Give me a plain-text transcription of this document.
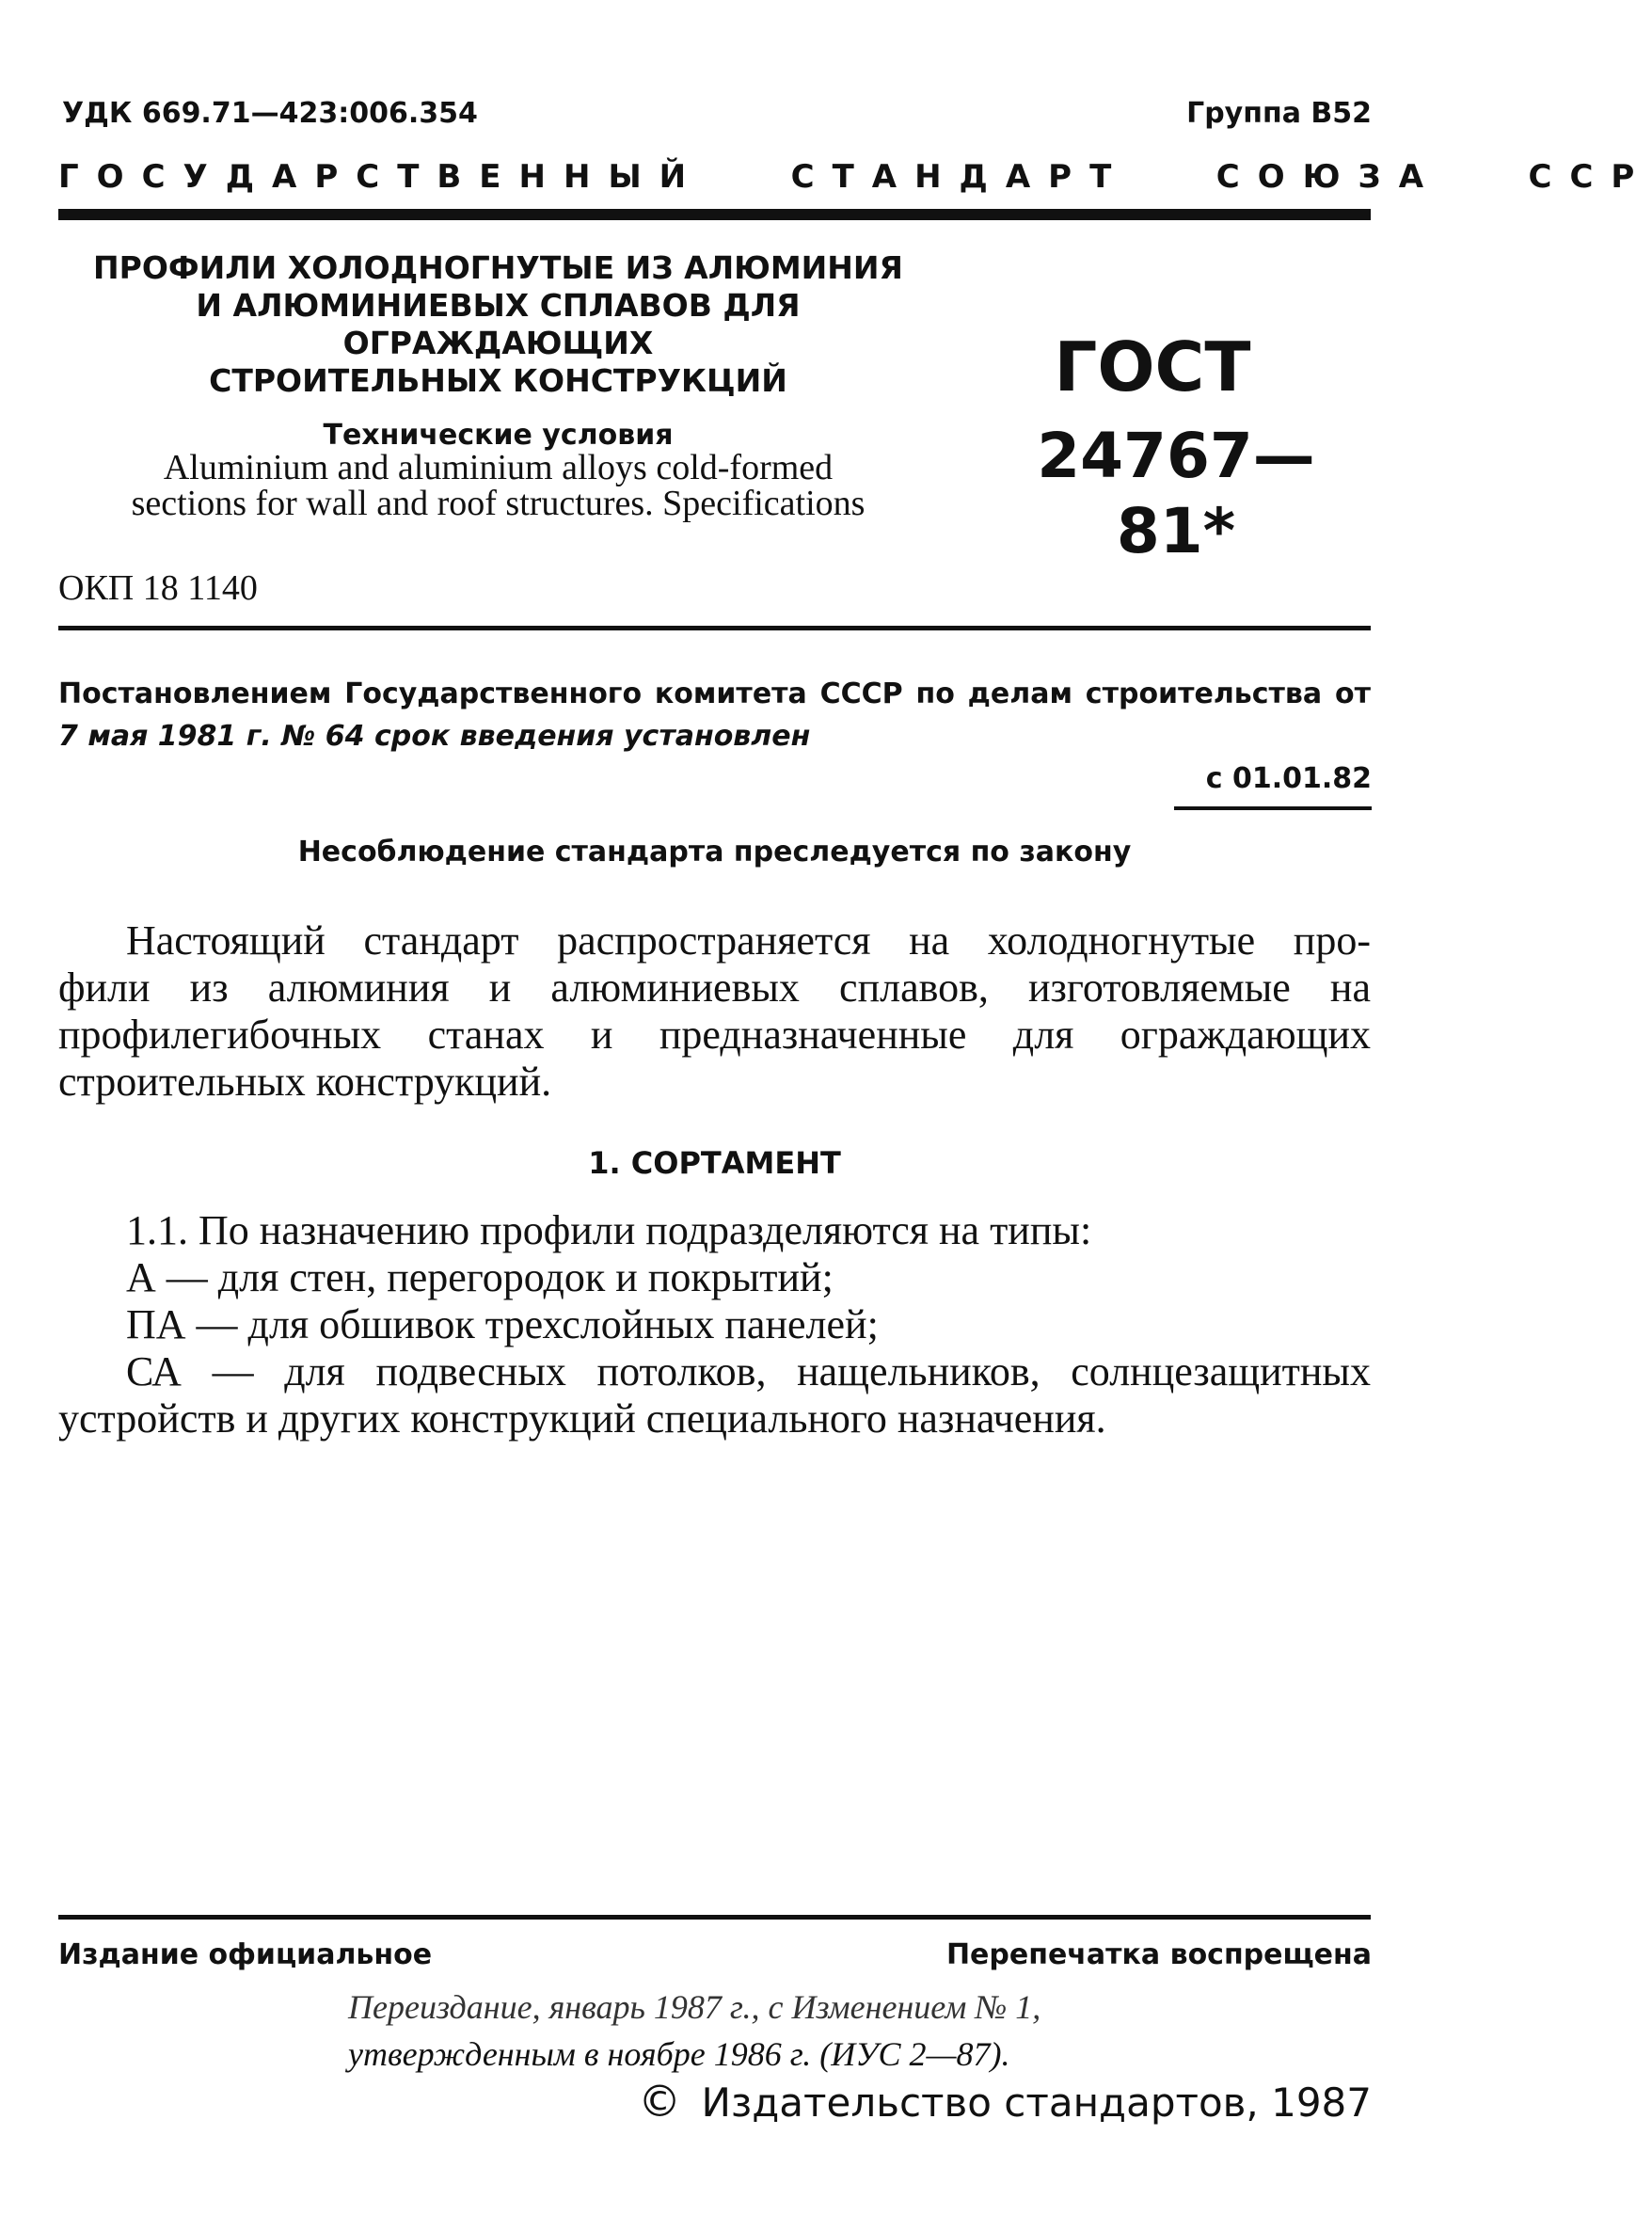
УДК 669.71—423:006.354	Группа В52
ГОСУДАРСТВЕННЫЙ   СТАНДАРТ   СОЮЗА   ССР
ПРОФИЛИ ХОЛОДНОГНУТЫЕ ИЗ АЛЮМИНИЯ
И АЛЮМИНИЕВЫХ СПЛАВОВ ДЛЯ ОГРАЖДАЮЩИХ
СТРОИТЕЛЬНЫХ КОНСТРУКЦИЙ
Технические условия
Aluminium and aluminium alloys cold-formed
sections for wall and roof structures. Specifications
ГОСТ
24767—81*
ОКП 18 1140
Постановлением Государственного комитета СССР по делам строительства от
7 мая 1981 г. № 64 срок введения установлен
с 01.01.82
Несоблюдение стандарта преследуется по закону
Настоящий стандарт распространяется на холодногнутые про-
фили из алюминия и алюминиевых сплавов, изготовляемые на
профилегибочных станах и предназначенные для ограждающих
строительных конструкций.
1. СОРТАМЕНТ
1.1. По назначению профили подразделяются на типы:
А — для стен, перегородок и покрытий;
ПА — для обшивок трехслойных панелей;
СА — для подвесных потолков, нащельников, солнцезащитных
устройств и других конструкций специального назначения.
Издание официальное	Перепечатка воспрещена
Переиздание, январь 1987 г., с Изменением № 1,
утвержденным в ноябре 1986 г. (ИУС 2—87).
© Издательство стандартов, 1987
